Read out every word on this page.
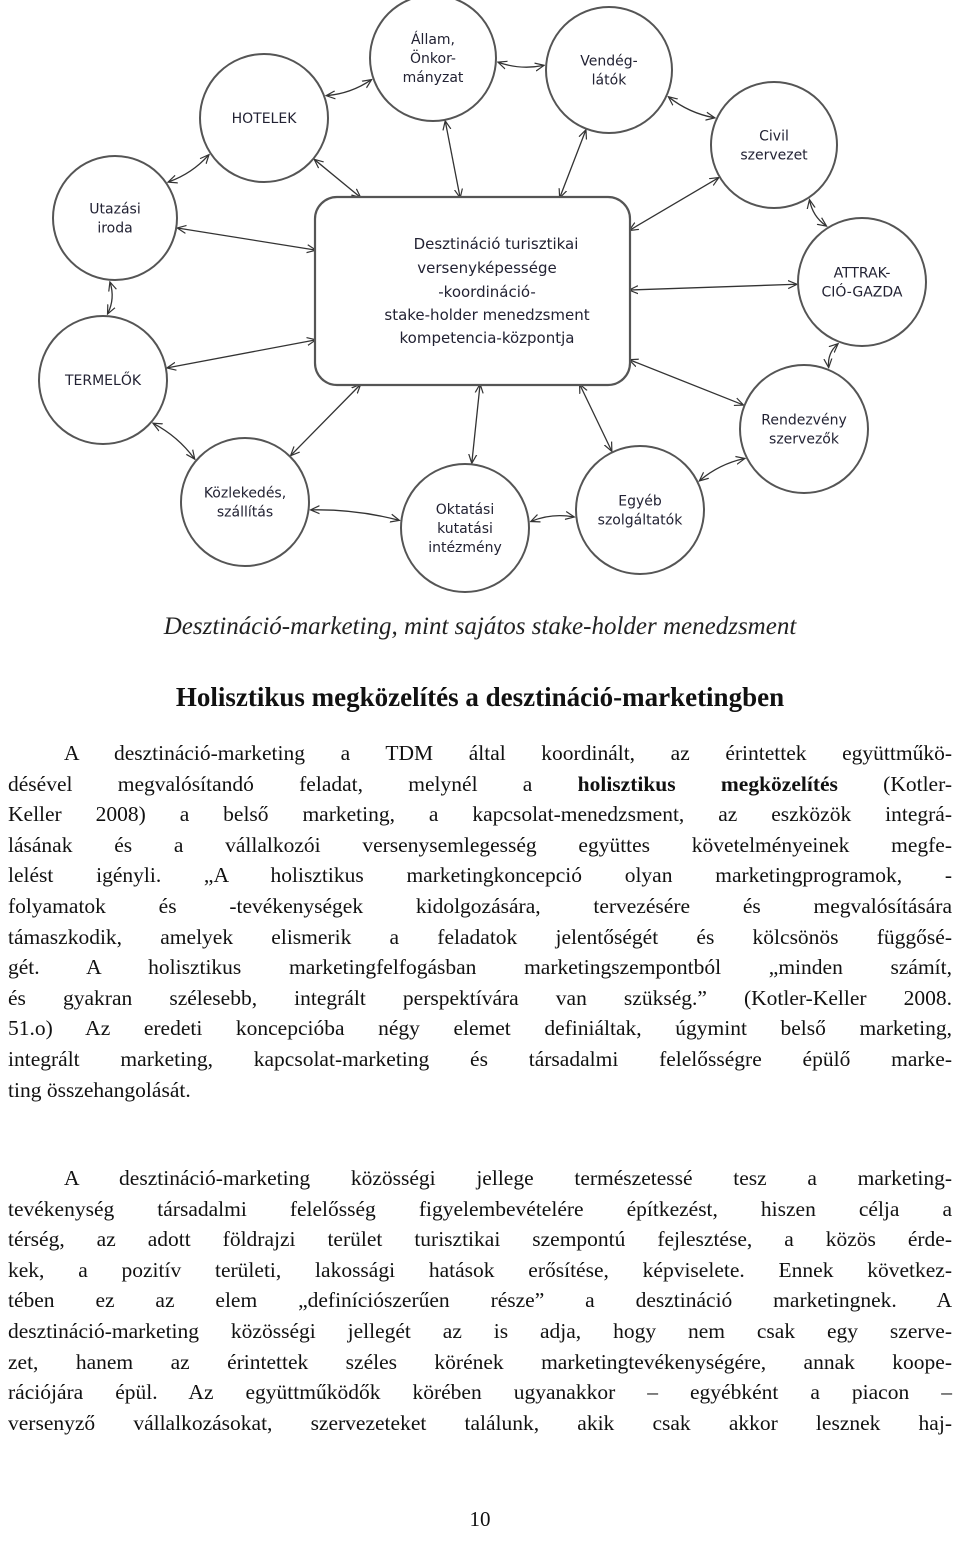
Állam,
Önkor-
mányzat
Vendég-
látók
Civil
szervezet
ATTRAK-
CIÓ-GAZDA
Rendezvény
szervezők
Egyéb
szolgáltatók
Oktatási
kutatási
intézmény
Közlekedés,
szállítás
TERMELŐK
Utazási
iroda
HOTELEK
Desztináció turisztikai
versenyképessége
-koordináció-
stake-holder menedzsment
kompetencia-központja
Desztináció-marketing, mint sajátos stake-holder menedzsment
Holisztikus megközelítés a desztináció-marketingben
A desztináció-marketing a TDM által koordinált, az érintettek együttműkö-
désével megvalósítandó feladat, melynél a holisztikus megközelítés (Kotler-
Keller 2008) a belső marketing, a kapcsolat-menedzsment, az eszközök integrá-
lásának és a vállalkozói versenysemlegesség együttes követelményeinek megfe-
lelést igényli. „A holisztikus marketingkoncepció olyan marketingprogramok, -
folyamatok és -tevékenységek kidolgozására, tervezésére és megvalósítására
támaszkodik, amelyek elismerik a feladatok jelentőségét és kölcsönös függősé-
gét. A holisztikus marketingfelfogásban marketingszempontból „minden számít,
és gyakran szélesebb, integrált perspektívára van szükség.” (Kotler-Keller 2008.
51.o) Az eredeti koncepcióba négy elemet definiáltak, úgymint belső marketing,
integrált marketing, kapcsolat-marketing és társadalmi felelősségre épülő marke-
ting összehangolását.
A desztináció-marketing közösségi jellege természetessé tesz a marketing-
tevékenység társadalmi felelősség figyelembevételére építkezést, hiszen célja a
térség, az adott földrajzi terület turisztikai szempontú fejlesztése, a közös érde-
kek, a pozitív területi, lakossági hatások erősítése, képviselete. Ennek következ-
tében ez az elem „definíciószerűen része” a desztináció marketingnek. A
desztináció-marketing közösségi jellegét az is adja, hogy nem csak egy szerve-
zet, hanem az érintettek széles körének marketingtevékenységére, annak koope-
rációjára épül. Az együttműködők körében ugyanakkor – egyébként a piacon –
versenyző vállalkozásokat, szervezeteket találunk, akik csak akkor lesznek haj-
10
